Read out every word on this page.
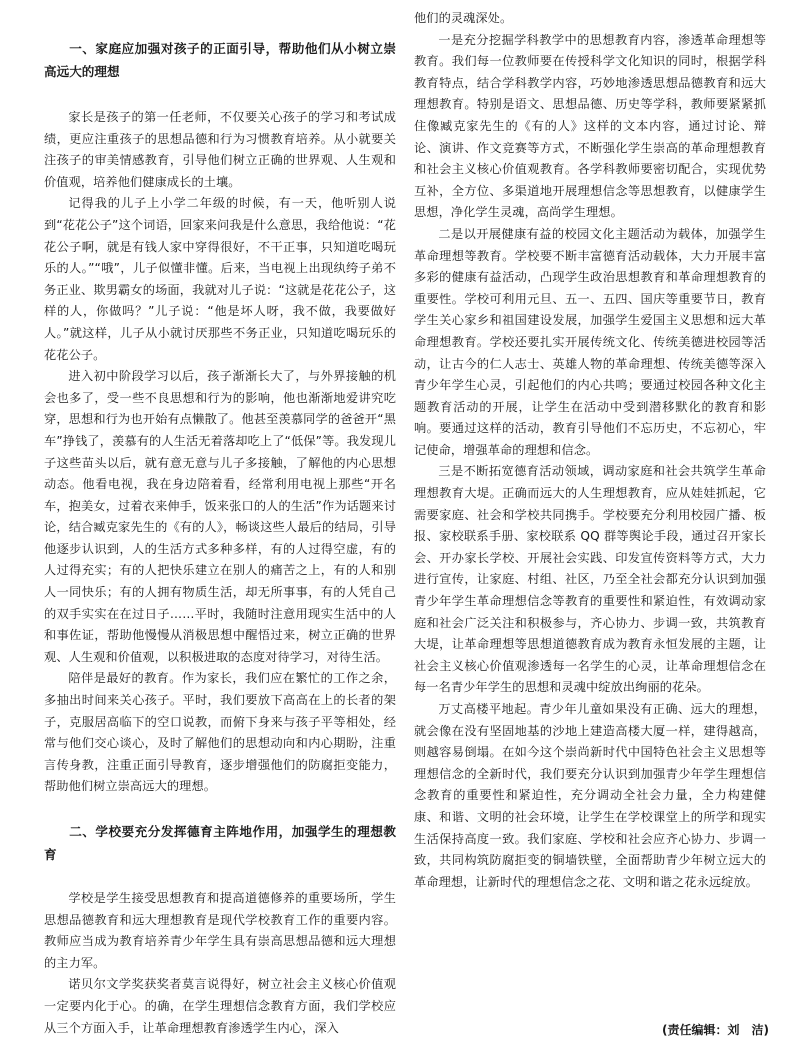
一、家庭应加强对孩子的正面引导，帮助他们从小树立崇高远大的理想

家长是孩子的第一任老师，不仅要关心孩子的学习和考试成绩，更应注重孩子的思想品德和行为习惯教育培养。从小就要关注孩子的审美情感教育，引导他们树立正确的世界观、人生观和价值观，培养他们健康成长的土壤。

记得我的儿子上小学二年级的时候，有一天，他听别人说到“花花公子”这个词语，回家来问我是什么意思，我给他说：“花花公子啊，就是有钱人家中穿得很好，不干正事，只知道吃喝玩乐的人。”“哦”，儿子似懂非懂。后来，当电视上出现纨绔子弟不务正业、欺男霸女的场面，我就对儿子说：“这就是花花公子，这样的人，你做吗？”儿子说：“他是坏人呀，我不做，我要做好人。”就这样，儿子从小就讨厌那些不务正业，只知道吃喝玩乐的花花公子。

进入初中阶段学习以后，孩子渐渐长大了，与外界接触的机会也多了，受一些不良思想和行为的影响，他也渐渐地爱讲究吃穿，思想和行为也开始有点懒散了。他甚至羡慕同学的爸爸开“黑车”挣钱了，羡慕有的人生活无着落却吃上了“低保”等。我发现儿子这些苗头以后，就有意无意与儿子多接触，了解他的内心思想动态。他看电视，我在身边陪着看，经常利用电视上那些“开名车，抱美女，过着衣来伸手，饭来张口的人的生活”作为话题来讨论，结合臧克家先生的《有的人》，畅谈这些人最后的结局，引导他逐步认识到，人的生活方式多种多样，有的人过得空虚，有的人过得充实；有的人把快乐建立在别人的痛苦之上，有的人和别人一同快乐；有的人拥有物质生活，却无所事事，有的人凭自己的双手实实在在过日子……平时，我随时注意用现实生活中的人和事佐证，帮助他慢慢从消极思想中醒悟过来，树立正确的世界观、人生观和价值观，以积极进取的态度对待学习，对待生活。

陪伴是最好的教育。作为家长，我们应在繁忙的工作之余，多抽出时间来关心孩子。平时，我们要放下高高在上的长者的架子，克服居高临下的空口说教，而俯下身来与孩子平等相处，经常与他们交心谈心，及时了解他们的思想动向和内心期盼，注重言传身教，注重正面引导教育，逐步增强他们的防腐拒变能力，帮助他们树立崇高远大的理想。

二、学校要充分发挥德育主阵地作用，加强学生的理想教育

学校是学生接受思想教育和提高道德修养的重要场所，学生思想品德教育和远大理想教育是现代学校教育工作的重要内容。教师应当成为教育培养青少年学生具有崇高思想品德和远大理想的主力军。

诺贝尔文学奖获奖者莫言说得好，树立社会主义核心价值观一定要内化于心。的确，在学生理想信念教育方面，我们学校应从三个方面入手，让革命理想教育渗透学生内心，深入

他们的灵魂深处。

一是充分挖掘学科教学中的思想教育内容，渗透革命理想等教育。我们每一位教师要在传授科学文化知识的同时，根据学科教育特点，结合学科教学内容，巧妙地渗透思想品德教育和远大理想教育。特别是语文、思想品德、历史等学科，教师要紧紧抓住像臧克家先生的《有的人》这样的文本内容，通过讨论、辩论、演讲、作文竞赛等方式，不断强化学生崇高的革命理想教育和社会主义核心价值观教育。各学科教师要密切配合，实现优势互补，全方位、多渠道地开展理想信念等思想教育，以健康学生思想，净化学生灵魂，高尚学生理想。

二是以开展健康有益的校园文化主题活动为载体，加强学生革命理想等教育。学校要不断丰富德育活动载体，大力开展丰富多彩的健康有益活动，凸现学生政治思想教育和革命理想教育的重要性。学校可利用元旦、五一、五四、国庆等重要节日，教育学生关心家乡和祖国建设发展，加强学生爱国主义思想和远大革命理想教育。学校还要扎实开展传统文化、传统美德进校园等活动，让古今的仁人志士、英雄人物的革命理想、传统美德等深入青少年学生心灵，引起他们的内心共鸣；要通过校园各种文化主题教育活动的开展，让学生在活动中受到潜移默化的教育和影响。要通过这样的活动，教育引导他们不忘历史，不忘初心，牢记使命，增强革命的理想和信念。

三是不断拓宽德育活动领域，调动家庭和社会共筑学生革命理想教育大堤。正确而远大的人生理想教育，应从娃娃抓起，它需要家庭、社会和学校共同携手。学校要充分利用校园广播、板报、家校联系手册、家校联系 QQ 群等舆论手段，通过召开家长会、开办家长学校、开展社会实践、印发宣传资料等方式，大力进行宣传，让家庭、村组、社区，乃至全社会都充分认识到加强青少年学生革命理想信念等教育的重要性和紧迫性，有效调动家庭和社会广泛关注和积极参与，齐心协力、步调一致，共筑教育大堤，让革命理想等思想道德教育成为教育永恒发展的主题，让社会主义核心价值观渗透每一名学生的心灵，让革命理想信念在每一名青少年学生的思想和灵魂中绽放出绚丽的花朵。

万丈高楼平地起。青少年儿童如果没有正确、远大的理想，就会像在没有坚固地基的沙地上建造高楼大厦一样，建得越高，则越容易倒塌。在如今这个崇尚新时代中国特色社会主义思想等理想信念的全新时代，我们要充分认识到加强青少年学生理想信念教育的重要性和紧迫性，充分调动全社会力量，全力构建健康、和谐、文明的社会环境，让学生在学校课堂上的所学和现实生活保持高度一致。我们家庭、学校和社会应齐心协力、步调一致，共同构筑防腐拒变的铜墙铁壁，全面帮助青少年树立远大的革命理想，让新时代的理想信念之花、文明和谐之花永远绽放。

(责任编辑：刘　洁)
